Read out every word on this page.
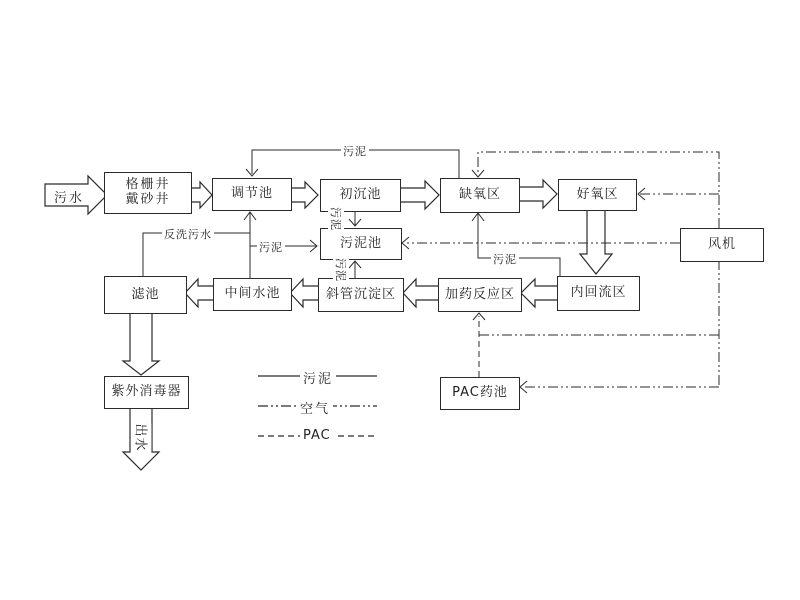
污水
格栅井
戴砂井	调节池	初沉池	缺氧区	好氧区
风机
污泥池
内回流区
加药反应区
斜管沉淀区
中间水池
滤池
紫外消毒器	PAC药池
污泥
反洗污水
污泥
污泥
污泥
污泥
出水
污泥
空气
PAC
